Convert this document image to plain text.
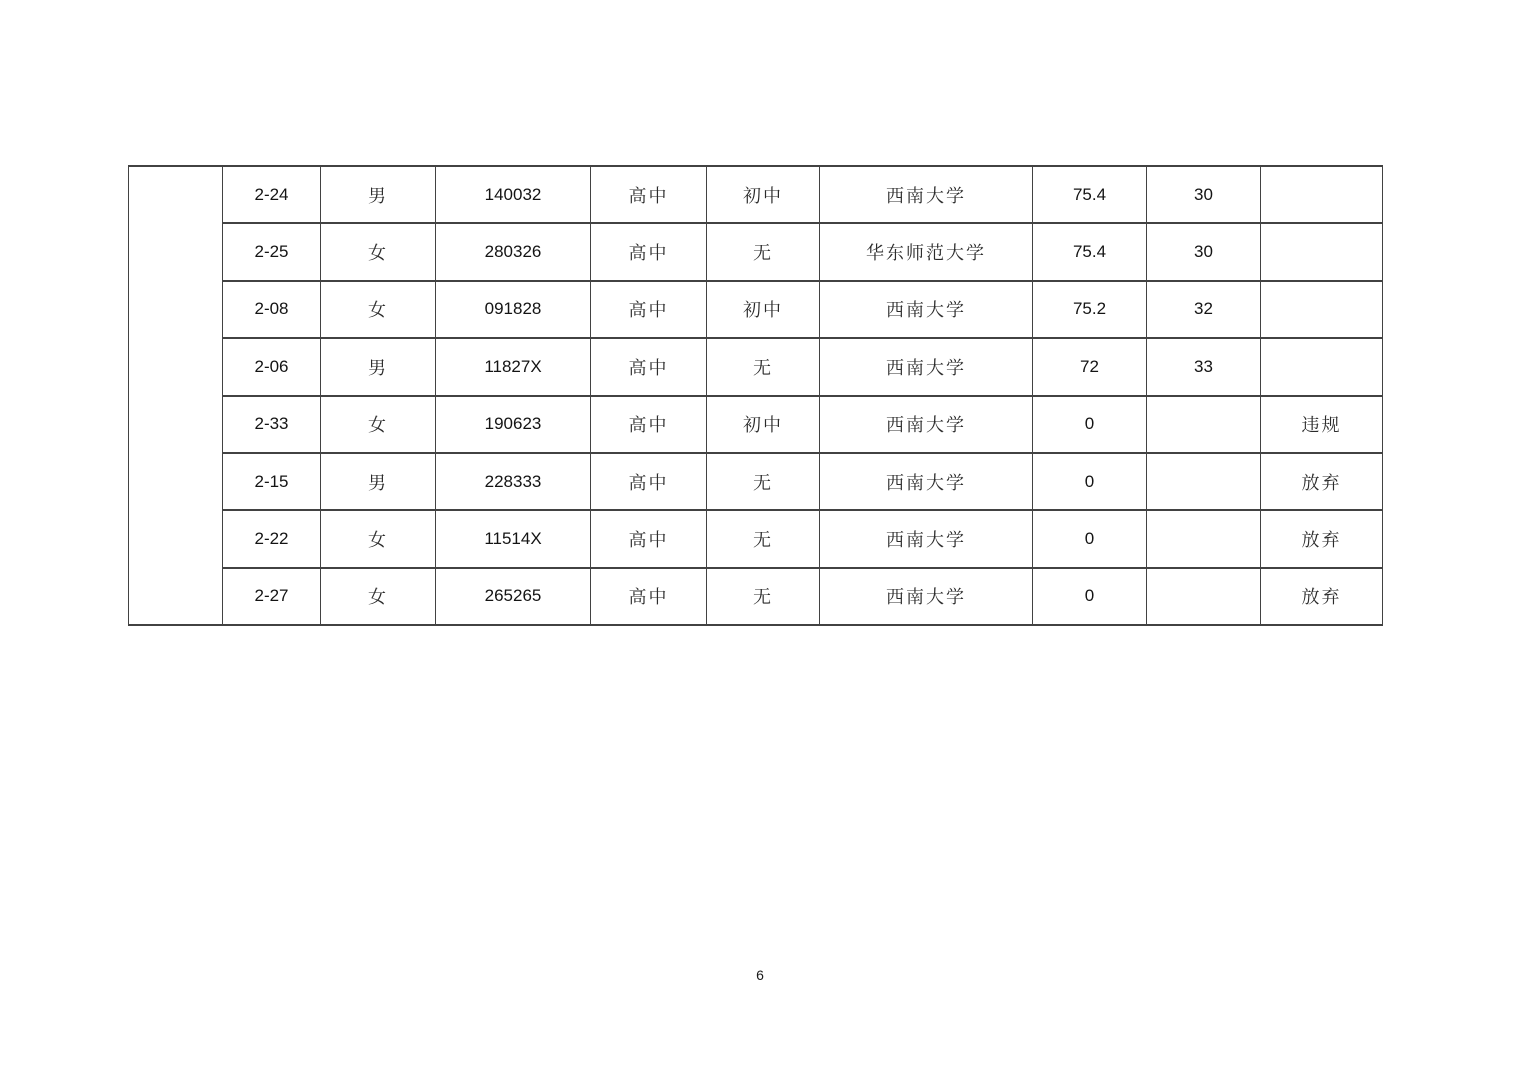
	2-24	男	140032	高中	初中	西南大学	75.4	30	
	2-25	女	280326	高中	无	华东师范大学	75.4	30	
	2-08	女	091828	高中	初中	西南大学	75.2	32	
	2-06	男	11827X	高中	无	西南大学	72	33	
	2-33	女	190623	高中	初中	西南大学	0		违规
	2-15	男	228333	高中	无	西南大学	0		放弃
	2-22	女	11514X	高中	无	西南大学	0		放弃
	2-27	女	265265	高中	无	西南大学	0		放弃
6
